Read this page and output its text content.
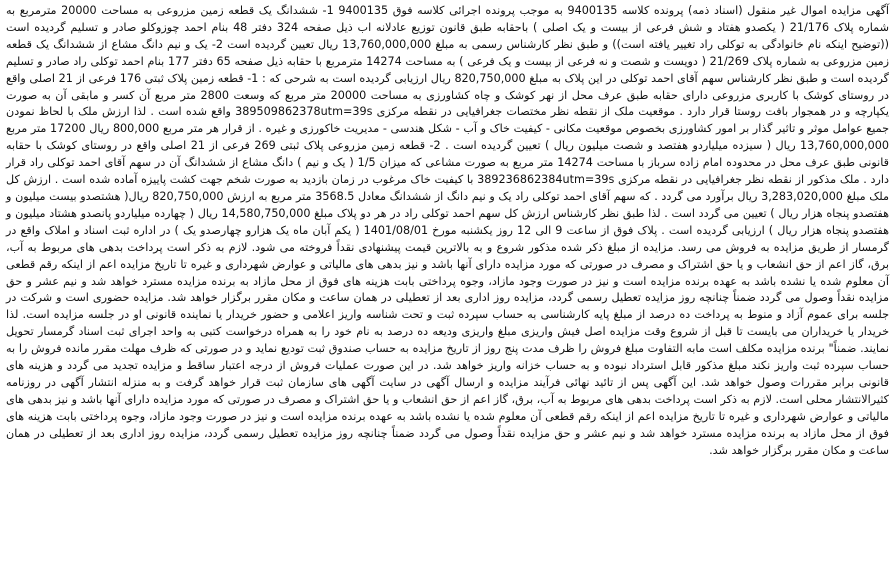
آگهی مزایده اموال غیر منقول (اسناد ذمه) پرونده کلاسه 9400135 به موجب پرونده اجرائی کلاسه فوق 9400135 1- ششدانگ یک قطعه زمین مزروعی به مساحت 20000 مترمربع به شماره پلاک 21/176 ( یکصدو هفتاد و شش فرعی از بیست و یک اصلی ) باحقابه طبق قانون توزیع عادلانه اب ذیل صفحه 324 دفتر 48 بنام احمد چوزوکلو صادر و تسلیم گردیده است ((توضیح اینکه نام خانوادگی به توکلی راد تغییر یافته است)) و طبق نظر کارشناس رسمی به مبلغ 13,760,000,000 ریال تعیین گردیده است 2- یک و نیم دانگ مشاع از ششدانگ یک قطعه زمین مزروعی به شماره پلاک 21/269 ( دویست و شصت و نه فرعی از بیست و یک فرعی ) به مساحت 14274 مترمربع با حقابه ذیل صفحه 65 دفتر 177 بنام احمد توکلی راد صادر و تسلیم گردیده است و طبق نظر کارشناس سهم آقای احمد توکلی در این پلاک به مبلغ 820,750,000 ریال ارزیابی گردیده است به شرحی که : 1- قطعه زمین پلاک ثبتی 176 فرعی از 21 اصلی واقع در روستای کوشک با کاربری مزروعی دارای حقابه طبق عرف محل از نهر کوشک و چاه کشاورزی به مساحت 20000 متر مربع که وسعت 2800 متر مربع آن کسر و مابقی آن به صورت یکپارچه و در همجوار بافت روستا قرار دارد . موقعیت ملک از نقطه نظر مختصات جغرافیایی در نقطه مرکزی 389509862378utm=39s واقع شده است . لذا ارزش ملک با لحاظ نمودن جمیع عوامل موثر و تاثیر گذار بر امور کشاورزی بخصوص موقعیت مکانی - کیفیت خاک و آب - شکل هندسی - مدیریت خاکورزی و غیره . از قرار هر متر مربع 800,000 ریال 17200 متر مربع 13,760,000,000 ریال ( سیزده میلیاردو هفتصد و شصت میلیون ریال ) تعیین گردیده است . 2- قطعه زمین مزروعی پلاک ثبتی 269 فرعی از 21 اصلی واقع در روستای کوشک با حقابه قانونی طبق عرف محل در محدوده امام زاده سرباز با مساحت 14274 متر مربع به صورت مشاعی که میزان 1/5 ( یک و نیم ) دانگ مشاع از ششدانگ آن در سهم آقای احمد توکلی راد قرار دارد . ملک مذکور از نقطه نظر جغرافیایی در نقطه مرکزی 389236862384utm=39s با کیفیت خاک مرغوب در زمان بازدید به صورت شخم جهت کشت پاییزه آماده شده است . ارزش کل ملک مبلغ 3,283,020,000 ریال برآورد می گردد . که سهم آقای احمد توکلی راد یک و نیم دانگ از ششدانگ معادل 3568.5 متر مربع به ارزش 820,750,000 ریال( هشتصدو بیست میلیون و هفتصدو پنجاه هزار ریال ) تعیین می گردد است . لذا طبق نظر کارشناس ارزش کل سهم احمد توکلی راد در هر دو پلاک مبلغ 14,580,750,000 ریال ( چهارده میلیاردو پانصدو هشتاد میلیون و هفتصدو پنجاه هزار ریال ) ارزیابی گردیده است . پلاک فوق از ساعت 9 الی 12 روز یکشنبه مورخ 1401/08/01 ( یکم آبان ماه یک هزارو چهارصدو یک ) در اداره ثبت اسناد و املاک واقع در گرمسار از طریق مزایده به فروش می رسد. مزایده از مبلغ ذکر شده مذکور شروع و به بالاترین قیمت پیشنهادی نقداً فروخته می شود. لازم به ذکر است پرداخت بدهی های مربوط به آب، برق، گاز اعم از حق انشعاب و یا حق اشتراک و مصرف در صورتی که مورد مزایده دارای آنها باشد و نیز بدهی های مالیاتی و عوارض شهرداری و غیره تا تاریخ مزایده اعم از اینکه رقم قطعی آن معلوم شده یا نشده باشد به عهده برنده مزایده است و نیز در صورت وجود مازاد، وجوه پرداختی بابت هزینه های فوق از محل مازاد به برنده مزایده مسترد خواهد شد و نیم عشر و حق مزایده نقداً وصول می گردد ضمناً چنانچه روز مزایده تعطیل رسمی گردد، مزایده روز اداری بعد از تعطیلی در همان ساعت و مکان مقرر برگزار خواهد شد. مزایده حضوری است و شرکت در جلسه برای عموم آزاد و منوط به پرداخت ده درصد از مبلغ پایه کارشناسی به حساب سپرده ثبت و تحت شناسه واریز اعلامی و حضور خریدار یا نماینده قانونی او در جلسه مزایده است. لذا خریدار یا خریداران می بایست تا قبل از شروع وقت مزایده اصل فیش واریزی مبلغ واریزی ودیعه ده درصد به نام خود را به همراه درخواست کتبی به واحد اجرای ثبت اسناد گرمسار تحویل نمایند. ضمناً" برنده مزایده مکلف است مابه التفاوت مبلغ فروش را ظرف مدت پنج روز از تاریخ مزایده به حساب صندوق ثبت تودیع نماید و در صورتی که ظرف مهلت مقرر مانده فروش را به حساب سپرده ثبت واریز نکند مبلغ مذکور قابل استرداد نبوده و به حساب خزانه واریز خواهد شد. در این صورت عملیات فروش از درجه اعتبار ساقط و مزایده تجدید می گردد و هزینه های قانونی برابر مقررات وصول خواهد شد. این آگهی پس از تائید نهائی فرآیند مزایده و ارسال آگهی در سایت آگهی های سازمان ثبت قرار خواهد گرفت و به منزله انتشار آگهی در روزنامه کثیرالانتشار محلی است. لازم به ذکر است پرداخت بدهی های مربوط به آب، برق، گاز اعم از حق انشعاب و یا حق اشتراک و مصرف در صورتی که مورد مزایده دارای آنها باشد و نیز بدهی های مالیاتی و عوارض شهرداری و غیره تا تاریخ مزایده اعم از اینکه رقم قطعی آن معلوم شده یا نشده باشد به عهده برنده مزایده است و نیز در صورت وجود مازاد، وجوه پرداختی بابت هزینه های فوق از محل مازاد به برنده مزایده مسترد خواهد شد و نیم عشر و حق مزایده نقداً وصول می گردد ضمناً چنانچه روز مزایده تعطیل رسمی گردد، مزایده روز اداری بعد از تعطیلی در همان ساعت و مکان مقرر برگزار خواهد شد.
